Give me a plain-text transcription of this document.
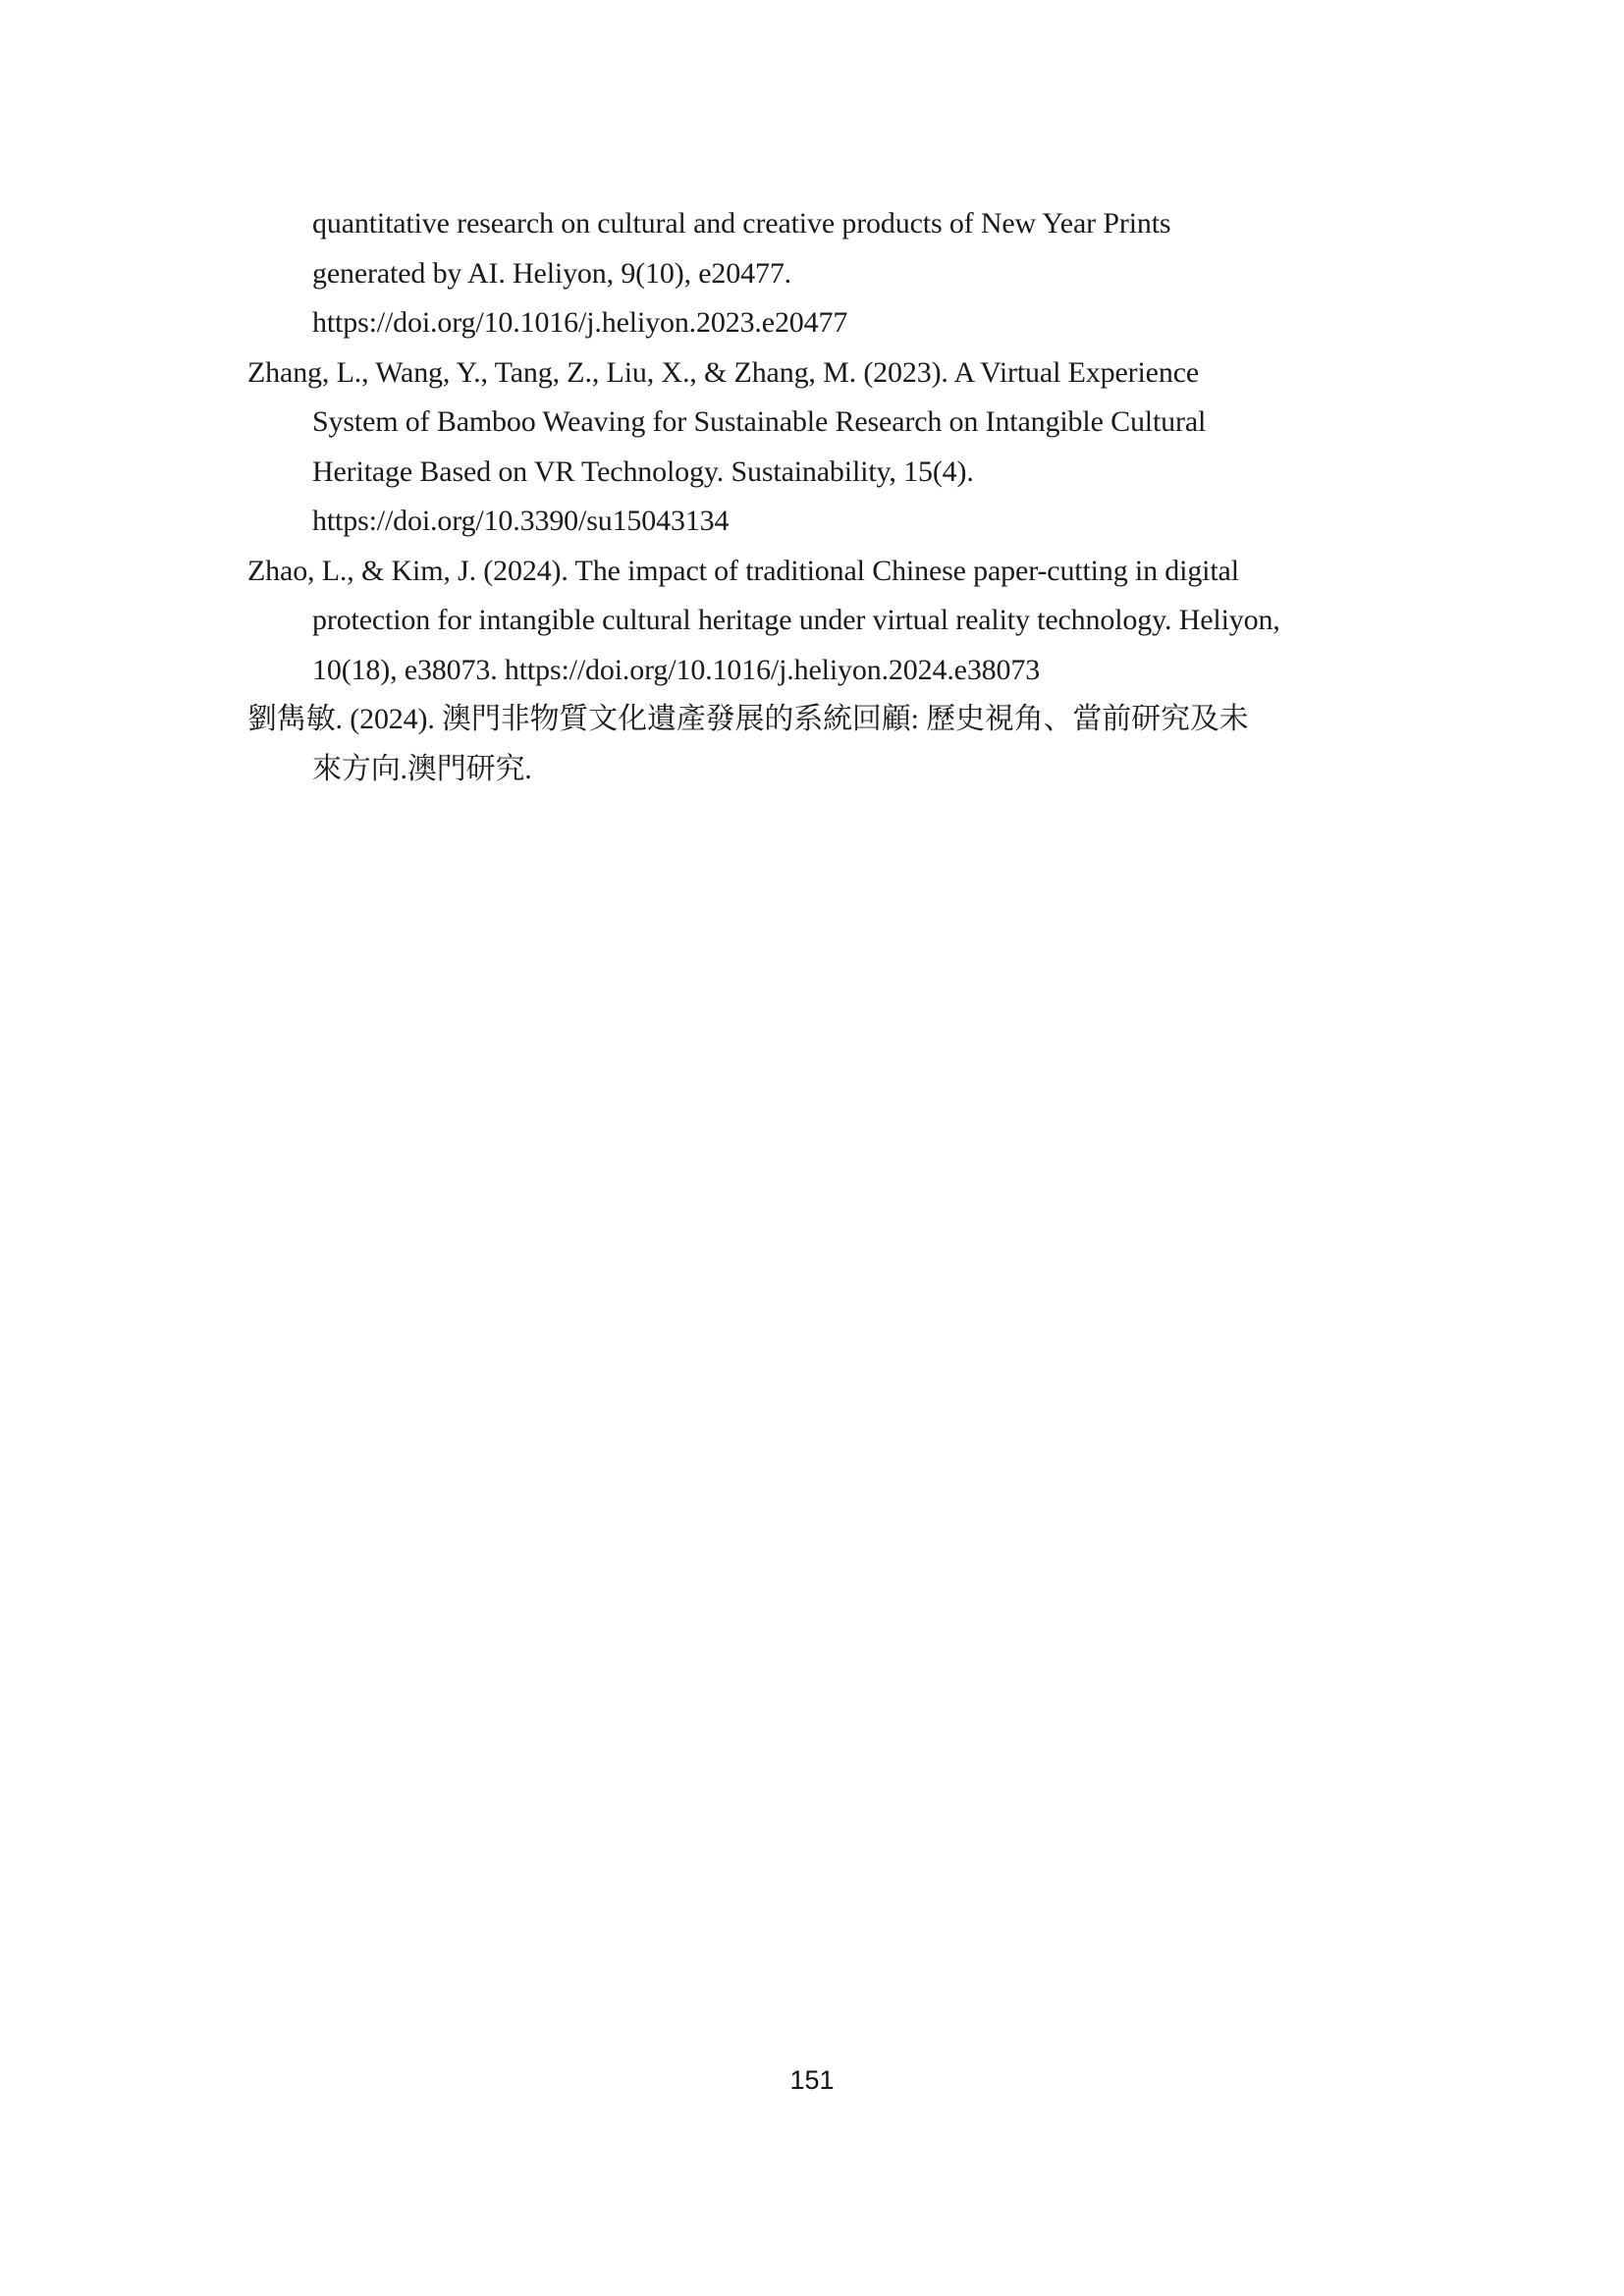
quantitative research on cultural and creative products of New Year Prints
generated by AI. Heliyon, 9(10), e20477.
https://doi.org/10.1016/j.heliyon.2023.e20477
Zhang, L., Wang, Y., Tang, Z., Liu, X., & Zhang, M. (2023). A Virtual Experience
System of Bamboo Weaving for Sustainable Research on Intangible Cultural
Heritage Based on VR Technology. Sustainability, 15(4).
https://doi.org/10.3390/su15043134
Zhao, L., & Kim, J. (2024). The impact of traditional Chinese paper-cutting in digital
protection for intangible cultural heritage under virtual reality technology. Heliyon,
10(18), e38073. https://doi.org/10.1016/j.heliyon.2024.e38073
劉雋敏. (2024). 澳門非物質文化遺產發展的系統回顧: 歷史視角、當前研究及未
來方向.澳門研究.
151
